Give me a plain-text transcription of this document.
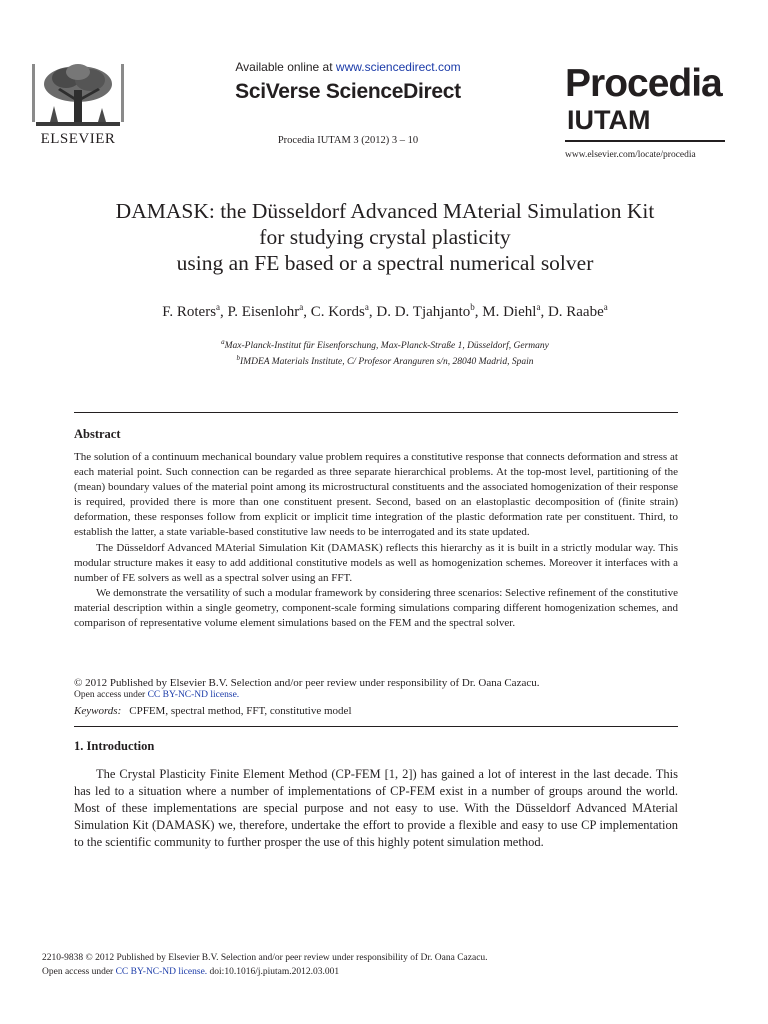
ELSEVIER
Available online at www.sciencedirect.com
SciVerse ScienceDirect
Procedia IUTAM 3 (2012) 3 – 10
Procedia
IUTAM
www.elsevier.com/locate/procedia
DAMASK: the Düsseldorf Advanced MAterial Simulation Kit
for studying crystal plasticity
using an FE based or a spectral numerical solver
F. Roters$^a$, P. Eisenlohr$^a$, C. Kords$^a$, D. D. Tjahjanto$^b$, M. Diehl$^a$, D. Raabe$^a$
$^a$Max-Planck-Institut für Eisenforschung, Max-Planck-Straße 1, Düsseldorf, Germany
$^b$IMDEA Materials Institute, C/ Profesor Aranguren s/n, 28040 Madrid, Spain
Abstract

The solution of a continuum mechanical boundary value problem requires a constitutive response that connects deformation and stress at each material point. Such connection can be regarded as three separate hierarchical problems. At the top-most level, partitioning of the (mean) boundary values of the material point among its microstructural constituents and the associated homogenization of their response is required, provided there is more than one constituent present. Second, based on an elastoplastic decomposition of (finite strain) deformation, these responses follow from explicit or implicit time integration of the plastic deformation rate per constituent. Third, to establish the latter, a state variable-based constitutive law needs to be interrogated and its state updated.

The Düsseldorf Advanced MAterial Simulation Kit (DAMASK) reflects this hierarchy as it is built in a strictly modular way. This modular structure makes it easy to add additional constitutive models as well as homogenization schemes. Moreover it interfaces with a number of FE solvers as well as a spectral solver using an FFT.

We demonstrate the versatility of such a modular framework by considering three scenarios: Selective refinement of the constitutive material description within a single geometry, component-scale forming simulations comparing different homogenization schemes, and comparison of representative volume element simulations based on the FEM and the spectral solver.

© 2012 Published by Elsevier B.V. Selection and/or peer review under responsibility of Dr. Oana Cazacu.
Open access under CC BY-NC-ND license.
Keywords: CPFEM, spectral method, FFT, constitutive model
1. Introduction
The Crystal Plasticity Finite Element Method (CP-FEM [1, 2]) has gained a lot of interest in the last decade. This has led to a situation where a number of implementations of CP-FEM exist in a number of groups around the world. Most of these implementations are special purpose and not easy to use. With the Düsseldorf Advanced MAterial Simulation Kit (DAMASK) we, therefore, undertake the effort to provide a flexible and easy to use CP implementation to the scientific community to further prosper the use of this highly potent simulation method.
2210-9838 © 2012 Published by Elsevier B.V. Selection and/or peer review under responsibility of Dr. Oana Cazacu.
Open access under CC BY-NC-ND license. doi:10.1016/j.piutam.2012.03.001
